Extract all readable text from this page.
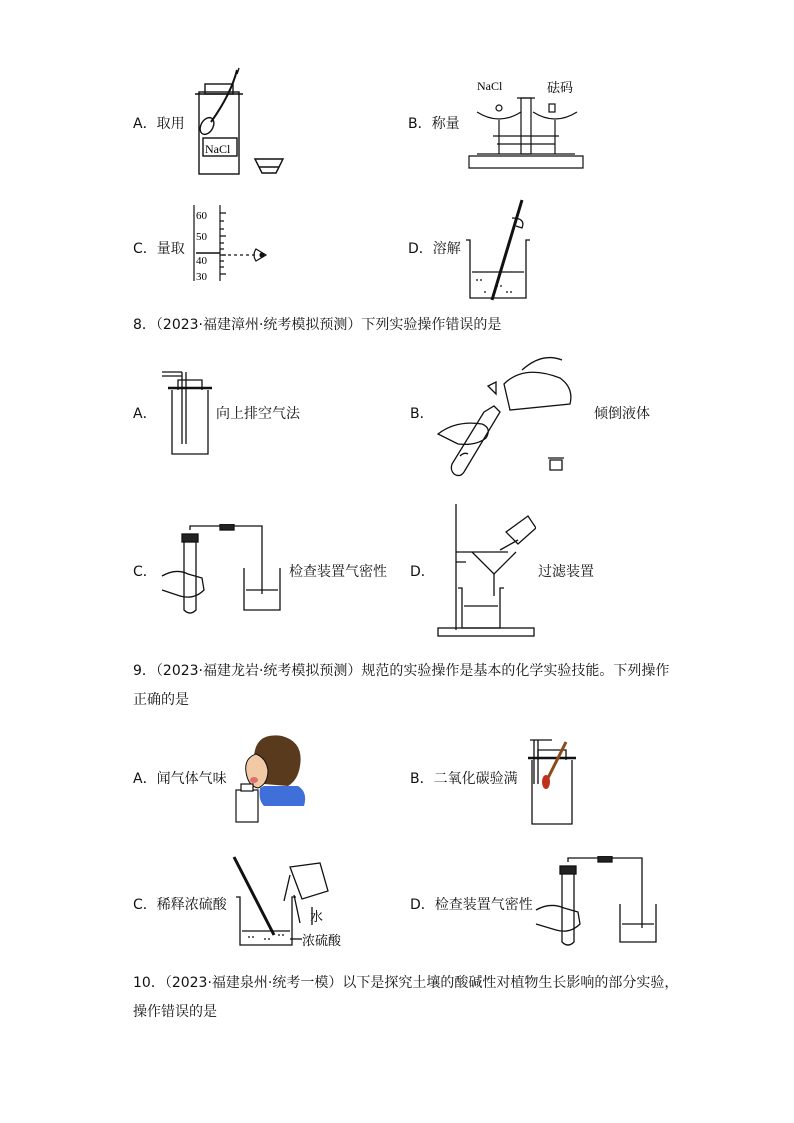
A．取用
NaCl
B．称量
NaCl	砝码
C．量取
60
50
40
30
D．溶解
8．（2023·福建漳州·统考模拟预测）下列实验操作错误的是
A．	向上排空气法	B．	倾倒液体
C．	检查装置气密性 D．	过滤装置
9．（2023·福建龙岩·统考模拟预测）规范的实验操作是基本的化学实验技能。下列操作
正确的是
A．闻气体气味	B．二氧化碳验满
C．稀释浓硫酸
水
浓硫酸
D．检查装置气密性
10．（2023·福建泉州·统考一模）以下是探究土壤的酸碱性对植物生长影响的部分实验，
操作错误的是
